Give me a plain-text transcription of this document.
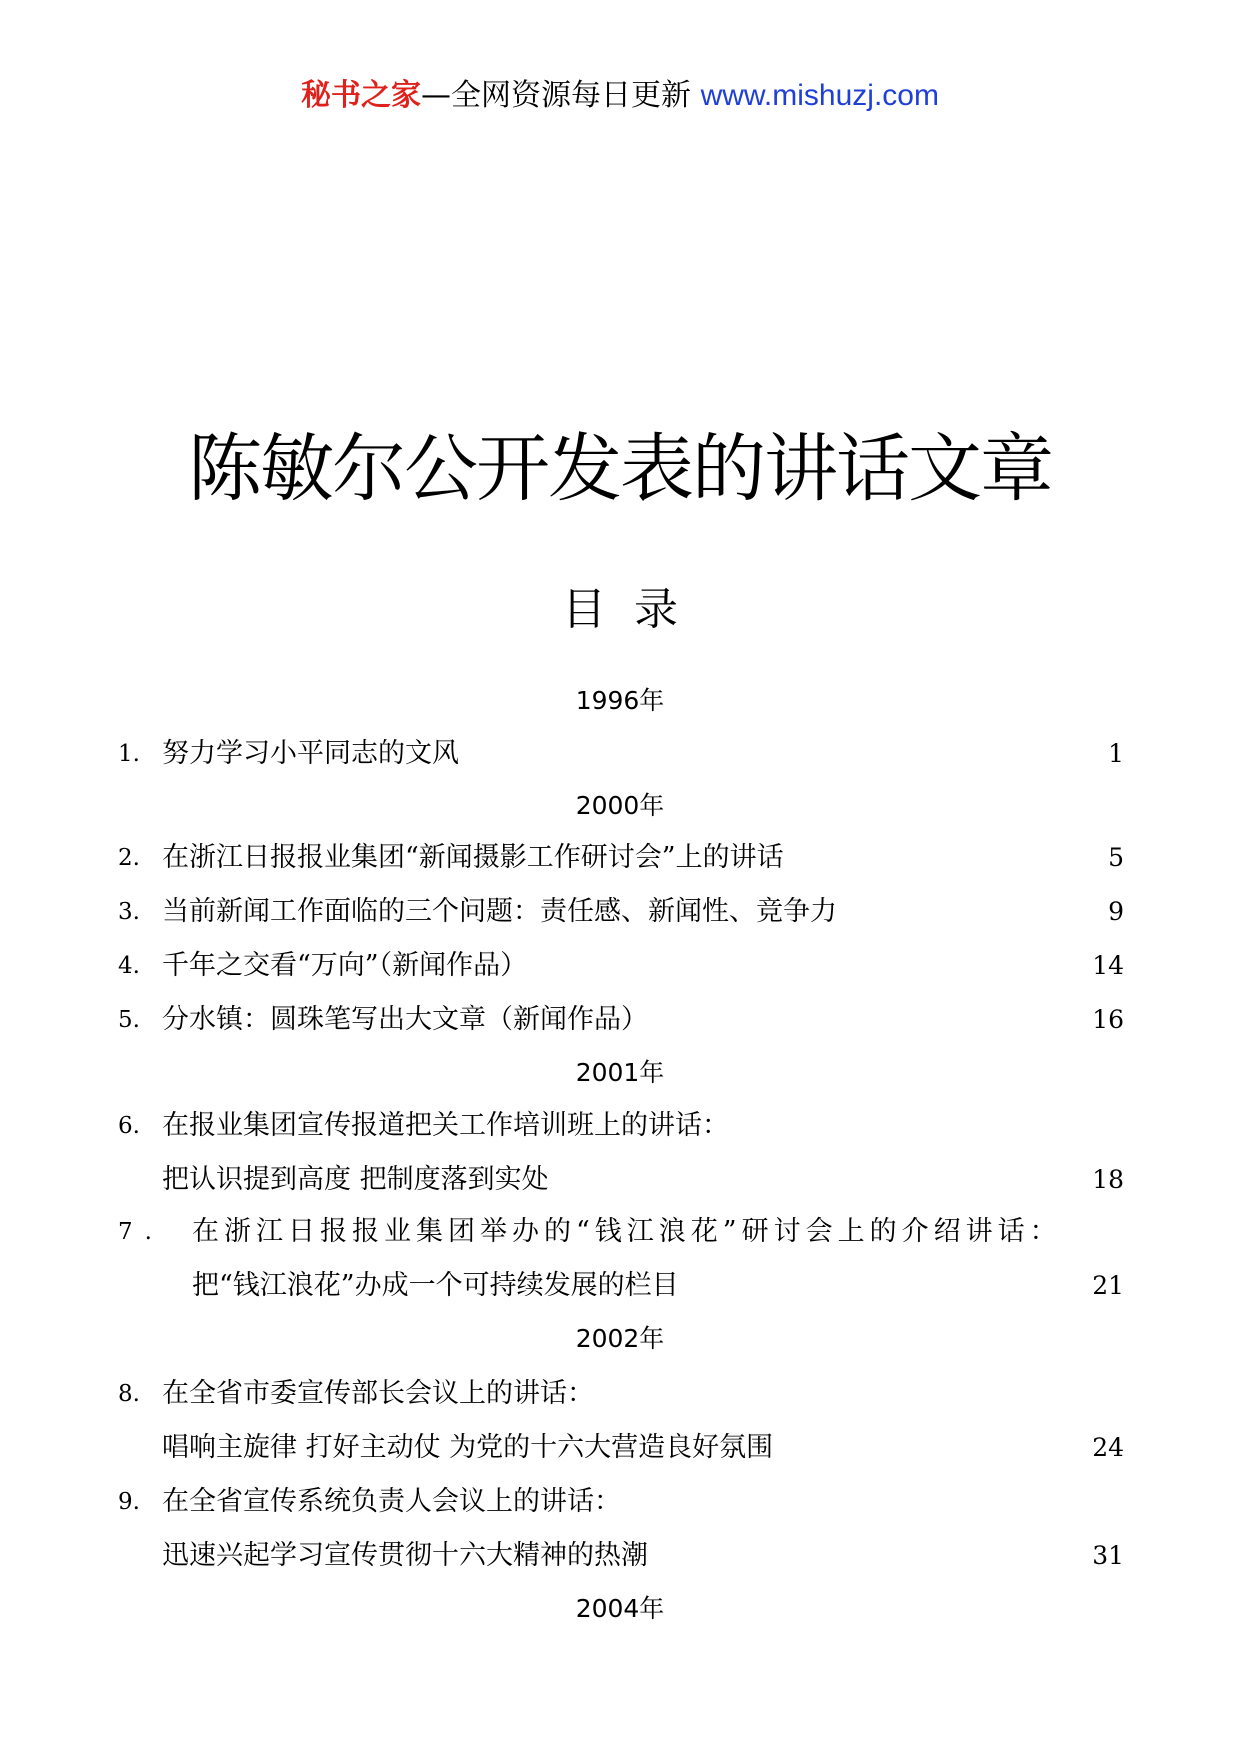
秘书之家—全网资源每日更新 www.mishuzj.com
陈敏尔公开发表的讲话文章
目录
1996年
1. 努力学习小平同志的文风	1
2000年
2. 在浙江日报报业集团“新闻摄影工作研讨会”上的讲话	5
3. 当前新闻工作面临的三个问题：责任感、新闻性、竞争力	9
4. 千年之交看“万向”（新闻作品）	14
5. 分水镇：圆珠笔写出大文章（新闻作品）	16
2001年
6. 在报业集团宣传报道把关工作培训班上的讲话：
把认识提到高度 把制度落到实处	18
7. 在浙江日报报业集团举办的“钱江浪花”研讨会上的介绍讲话：
把“钱江浪花”办成一个可持续发展的栏目	21
2002年
8. 在全省市委宣传部长会议上的讲话：
唱响主旋律 打好主动仗 为党的十六大营造良好氛围	24
9. 在全省宣传系统负责人会议上的讲话：
迅速兴起学习宣传贯彻十六大精神的热潮	31
2004年
